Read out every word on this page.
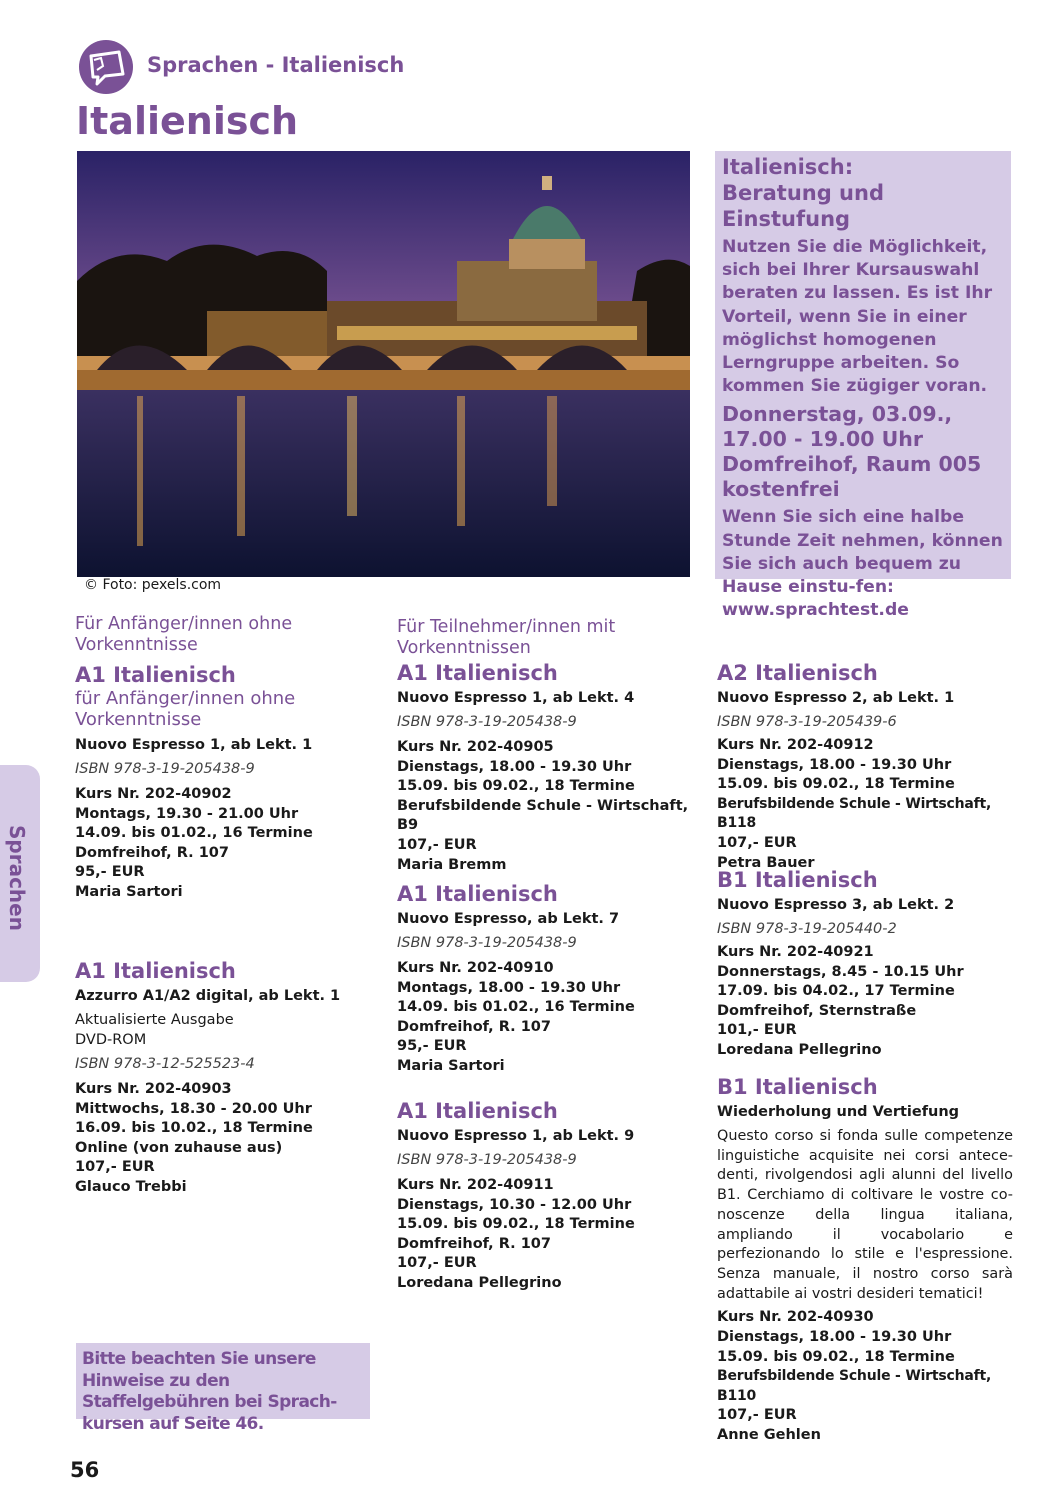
Sprachen - Italienisch
Italienisch
© Foto: pexels.com
Italienisch:
Beratung und Einstufung
Nutzen Sie die Möglichkeit, sich bei Ihrer Kursauswahl beraten zu lassen. Es ist Ihr Vorteil, wenn Sie in einer möglichst homogenen Lerngruppe arbeiten. So kommen Sie zügiger voran.
Donnerstag, 03.09.,
17.00 - 19.00 Uhr
Domfreihof, Raum 005
kostenfrei
Wenn Sie sich eine halbe Stunde Zeit nehmen, können Sie sich auch bequem zu Hause einstu-fen:
www.sprachtest.de
Sprachen
Für Anfänger/innen ohne Vorkenntnisse
A1 Italienisch
für Anfänger/innen ohne Vorkenntnisse
Nuovo Espresso 1, ab Lekt. 1
ISBN 978-3-19-205438-9
Kurs Nr. 202-40902
Montags, 19.30 - 21.00 Uhr
14.09. bis 01.02., 16 Termine
Domfreihof, R. 107
95,- EUR
Maria Sartori
A1 Italienisch
Azzurro A1/A2 digital, ab Lekt. 1
Aktualisierte Ausgabe
DVD-ROM
ISBN 978-3-12-525523-4
Kurs Nr. 202-40903
Mittwochs, 18.30 - 20.00 Uhr
16.09. bis 10.02., 18 Termine
Online (von zuhause aus)
107,- EUR
Glauco Trebbi
Bitte beachten Sie unsere Hinweise zu den Staffelgebühren bei Sprach-kursen auf Seite 46.
Für Teilnehmer/innen mit Vorkenntnissen
A1 Italienisch
Nuovo Espresso 1, ab Lekt. 4
ISBN 978-3-19-205438-9
Kurs Nr. 202-40905
Dienstags, 18.00 - 19.30 Uhr
15.09. bis 09.02., 18 Termine
Berufsbildende Schule - Wirtschaft, B9
107,- EUR
Maria Bremm
A1 Italienisch
Nuovo Espresso, ab Lekt. 7
ISBN 978-3-19-205438-9
Kurs Nr. 202-40910
Montags, 18.00 - 19.30 Uhr
14.09. bis 01.02., 16 Termine
Domfreihof, R. 107
95,- EUR
Maria Sartori
A1 Italienisch
Nuovo Espresso 1, ab Lekt. 9
ISBN 978-3-19-205438-9
Kurs Nr. 202-40911
Dienstags, 10.30 - 12.00 Uhr
15.09. bis 09.02., 18 Termine
Domfreihof, R. 107
107,- EUR
Loredana Pellegrino
A2 Italienisch
Nuovo Espresso 2, ab Lekt. 1
ISBN 978-3-19-205439-6
Kurs Nr. 202-40912
Dienstags, 18.00 - 19.30 Uhr
15.09. bis 09.02., 18 Termine
Berufsbildende Schule - Wirtschaft, B118
107,- EUR
Petra Bauer
B1 Italienisch
Nuovo Espresso 3, ab Lekt. 2
ISBN 978-3-19-205440-2
Kurs Nr. 202-40921
Donnerstags, 8.45 - 10.15 Uhr
17.09. bis 04.02., 17 Termine
Domfreihof, Sternstraße
101,- EUR
Loredana Pellegrino
B1 Italienisch
Wiederholung und Vertiefung
Questo corso si fonda sulle competenze linguistiche acquisite nei corsi antece-denti, rivolgendosi agli alunni del livello B1. Cerchiamo di coltivare le vostre co-noscenze della lingua italiana, ampliando il vocabolario e perfezionando lo stile e l'espressione. Senza manuale, il nostro corso sarà adattabile ai vostri desideri tematici!
Kurs Nr. 202-40930
Dienstags, 18.00 - 19.30 Uhr
15.09. bis 09.02., 18 Termine
Berufsbildende Schule - Wirtschaft, B110
107,- EUR
Anne Gehlen
56
